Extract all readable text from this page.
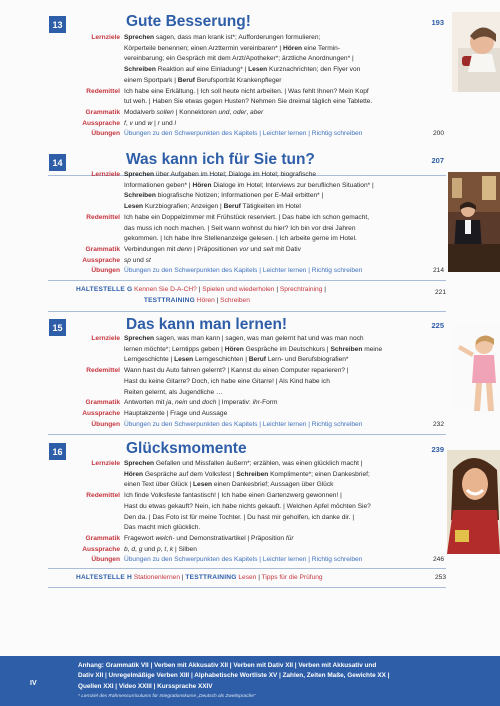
13	Gute Besserung!	193
Lernziele Sprechen sagen, dass man krank ist*; Aufforderungen formulieren;
Körperteile benennen; einen Arzttermin vereinbaren* | Hören eine Termin-
vereinbarung; ein Gespräch mit dem Arzt/Apotheker*; ärztliche Anordnungen* |
Schreiben Reaktion auf eine Einladung* | Lesen Kurznachrichten; den Flyer von
einem Sportpark | Beruf Berufsporträt Krankenpfleger
Redemittel Ich habe eine Erkältung. | Ich soll heute nicht arbeiten. | Was fehlt Ihnen? Mein Kopf
tut weh. | Haben Sie etwas gegen Husten? Nehmen Sie dreimal täglich eine Tablette.
Grammatik Modalverb sollen | Konnektoren und, oder, aber
Aussprache f, v und w | r und l
Übungen Übungen zu den Schwerpunkten des Kapitels | Leichter lernen | Richtig schreiben	200
14	Was kann ich für Sie tun?	207
Lernziele Sprechen über Aufgaben im Hotel; Dialoge im Hotel; biografische
Informationen geben* | Hören Dialoge im Hotel; Interviews zur beruflichen Situation* |
Schreiben biografische Notizen; Informationen per E-Mail erbitten* |
Lesen Kurzbiografien; Anzeigen | Beruf Tätigkeiten im Hotel
Redemittel Ich habe ein Doppelzimmer mit Frühstück reserviert. | Das habe ich schon gemacht,
das muss ich noch machen. | Seit wann wohnst du hier? Ich bin vor drei Jahren
gekommen. | Ich habe Ihre Stellenanzeige gelesen. | Ich arbeite gerne im Hotel.
Grammatik Verbindungen mit denn | Präpositionen vor und seit mit Dativ
Aussprache sp und st
Übungen Übungen zu den Schwerpunkten des Kapitels | Leichter lernen | Richtig schreiben	214
HALTESTELLE G Kennen Sie D-A-CH? | Spielen und wiederholen | Sprechtraining |	221

TESTTRAINING Hören | Schreiben
15	Das kann man lernen!	225
Lernziele Sprechen sagen, was man kann | sagen, was man gelernt hat und was man noch
lernen möchte*; Lerntipps geben | Hören Gespräche im Deutschkurs | Schreiben meine
Lerngeschichte | Lesen Lerngeschichten | Beruf Lern- und Berufsbiografien*
Redemittel Wann hast du Auto fahren gelernt? | Kannst du einen Computer reparieren? |
Hast du keine Gitarre? Doch, ich habe eine Gitarre! | Als Kind habe ich
Reiten gelernt, als Jugendliche …
Grammatik Antworten mit ja, nein und doch | Imperativ: ihr-Form
Aussprache Hauptakzente | Frage und Aussage
Übungen Übungen zu den Schwerpunkten des Kapitels | Leichter lernen | Richtig schreiben	232
16	Glücksmomente	239
Lernziele Sprechen Gefallen und Missfallen äußern*; erzählen, was einen glücklich macht |
Hören Gespräche auf dem Volksfest | Schreiben Komplimente*; einen Dankesbrief;
einen Text über Glück | Lesen einen Dankesbrief; Aussagen über Glück
Redemittel Ich finde Volksfeste fantastisch! | Ich habe einen Gartenzwerg gewonnen! |
Hast du etwas gekauft? Nein, ich habe nichts gekauft. | Welchen Apfel möchten Sie?
Den da. | Das Foto ist für meine Tochter. | Du hast mir geholfen, ich danke dir. |
Das macht mich glücklich.
Grammatik Fragewort welch- und Demonstrativartikel | Präposition für
Aussprache b, d, g und p, t, k | Silben
Übungen Übungen zu den Schwerpunkten des Kapitels | Leichter lernen | Richtig schreiben	246
HALTESTELLE H Stationenlernen | TESTTRAINING Lesen | Tipps für die Prüfung	253
IV
Anhang: Grammatik VII | Verben mit Akkusativ XII | Verben mit Dativ XII | Verben mit Akkusativ und
Dativ XII | Unregelmäßige Verben XIII | Alphabetische Wortliste XV | Zahlen, Zeiten Maße, Gewichte XX |
Quellen XXI | Video XXIII | Kurssprache XXIV
* Lernziel des Rahmencurriculums für Integrationskurse „Deutsch als Zweitsprache“
